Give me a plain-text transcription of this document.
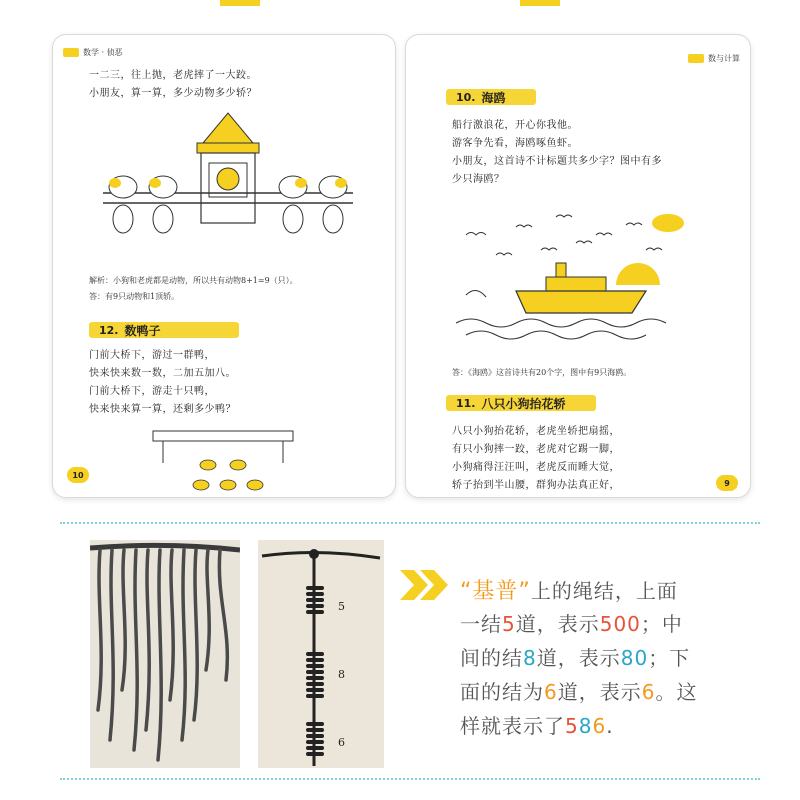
数学 · 侦恶
一二三，往上抛，老虎摔了一大跤。
小朋友，算一算，多少动物多少轿？
解析：小狗和老虎都是动物，所以共有动物8+1=9（只）。
答：有9只动物和1顶轿。
12. 数鸭子
门前大桥下，游过一群鸭，
快来快来数一数，二加五加八。
门前大桥下，游走十只鸭，
快来快来算一算，还剩多少鸭？
10
数与计算
10. 海鸥
船行激浪花，开心你我他。
游客争先看，海鸥啄鱼虾。
小朋友，这首诗不计标题共多少字？图中有多
少只海鸥？
答：《海鸥》这首诗共有20个字，图中有9只海鸥。
11. 八只小狗抬花轿
八只小狗抬花轿，老虎坐轿把扇摇，
有只小狗摔一跤，老虎对它踢一脚，
小狗痛得汪汪叫，老虎反而睡大觉，
轿子抬到半山腰，群狗办法真正好，	9
5
8
6
“基普”上的绳结，上面
一结5道，表示500；中
间的结8道，表示80；下
面的结为6道，表示6。这
样就表示了586.
